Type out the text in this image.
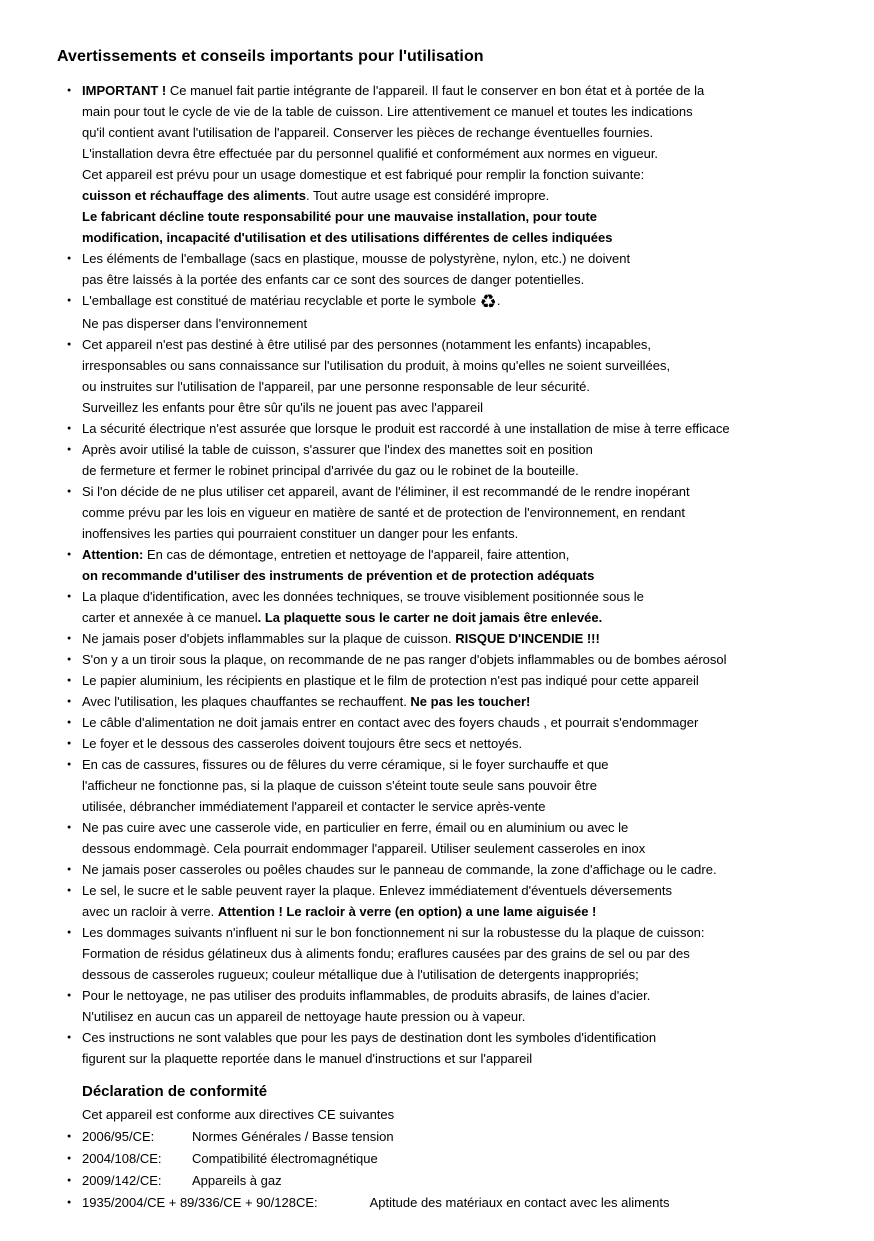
Avertissements et conseils importants pour l'utilisation
● IMPORTANT ! Ce manuel fait partie intégrante de l'appareil. Il faut le conserver en bon état et à portée de la
main pour tout le cycle de vie de la table de cuisson. Lire attentivement ce manuel et toutes les indications
qu'il contient avant l'utilisation de l'appareil. Conserver les pièces de rechange éventuelles fournies.
L'installation devra être effectuée par du personnel qualifié et conformément aux normes en vigueur.
Cet appareil est prévu pour un usage domestique et est fabriqué pour remplir la fonction suivante:
cuisson et réchauffage des aliments. Tout autre usage est considéré impropre.
Le fabricant décline toute responsabilité pour une mauvaise installation, pour toute
modification, incapacité d'utilisation et des utilisations différentes de celles indiquées
● Les éléments de l'emballage (sacs en plastique, mousse de polystyrène, nylon, etc.) ne doivent
pas être laissés à la portée des enfants car ce sont des sources de danger potentielles.
● L'emballage est constitué de matériau recyclable et porte le symbole ♻.
Ne pas disperser dans l'environnement
● Cet appareil n'est pas destiné à être utilisé par des personnes (notamment les enfants) incapables,
irresponsables ou sans connaissance sur l'utilisation du produit, à moins qu'elles ne soient surveillées,
ou instruites sur l'utilisation de l'appareil, par une personne responsable de leur sécurité.
Surveillez les enfants pour être sûr qu'ils ne jouent pas avec l'appareil
● La sécurité électrique n'est assurée que lorsque le produit est raccordé à une installation de mise à terre efficace
● Après avoir utilisé la table de cuisson, s'assurer que l'index des manettes soit en position
de fermeture et fermer le robinet principal d'arrivée du gaz ou le robinet de la bouteille.
● Si l'on décide de ne plus utiliser cet appareil, avant de l'éliminer, il est recommandé de le rendre inopérant
comme prévu par les lois en vigueur en matière de santé et de protection de l'environnement, en rendant
inoffensives les parties qui pourraient constituer un danger pour les enfants.
● Attention: En cas de démontage, entretien et nettoyage de l'appareil, faire attention,
on recommande d'utiliser des instruments de prévention et de protection adéquats
● La plaque d'identification, avec les données techniques, se trouve visiblement positionnée sous le
carter et annexée à ce manuel. La plaquette sous le carter ne doit jamais être enlevée.
● Ne jamais poser d'objets inflammables sur la plaque de cuisson. RISQUE D'INCENDIE !!!
● S'on y a un tiroir sous la plaque, on recommande de ne pas ranger d'objets inflammables ou de bombes aérosol
● Le papier aluminium, les récipients en plastique et le film de protection n'est pas indiqué pour cette appareil
● Avec l'utilisation, les plaques chauffantes se rechauffent. Ne pas les toucher!
● Le câble d'alimentation ne doit jamais entrer en contact avec des foyers chauds , et pourrait s'endommager
● Le foyer et le dessous des casseroles doivent toujours être secs et nettoyés.
● En cas de cassures, fissures ou de fêlures du verre céramique, si le foyer surchauffe et que
l'afficheur ne fonctionne pas, si la plaque de cuisson s'éteint toute seule sans pouvoir être
utilisée, débrancher immédiatement l'appareil et contacter le service après-vente
● Ne pas cuire avec une casserole vide, en particulier en ferre, émail ou en aluminium ou avec le
dessous endommagè. Cela pourrait endommager l'appareil. Utiliser seulement casseroles en inox
● Ne jamais poser casseroles ou poêles chaudes sur le panneau de commande, la zone d'affichage ou le cadre.
● Le sel, le sucre et le sable peuvent rayer la plaque. Enlevez immédiatement d'éventuels déversements
avec un racloir à verre. Attention ! Le racloir à verre (en option) a une lame aiguisée !
● Les dommages suivants n'influent ni sur le bon fonctionnement ni sur la robustesse du la plaque de cuisson:
Formation de résidus gélatineux dus à aliments fondu; eraflures causées par des grains de sel ou par des
dessous de casseroles rugueux; couleur métallique due à l'utilisation de detergents inappropriés;
● Pour le nettoyage, ne pas utiliser des produits inflammables, de produits abrasifs, de laines d'acier.
N'utilisez en aucun cas un appareil de nettoyage haute pression ou à vapeur.
● Ces instructions ne sont valables que pour les pays de destination dont les symboles d'identification
figurent sur la plaquette reportée dans le manuel d'instructions et sur l'appareil
Déclaration de conformité

Cet appareil est conforme aux directives CE suivantes

● 2006/95/CE:	Normes Générales / Basse tension
● 2004/108/CE: Compatibilité électromagnétique
● 2009/142/CE: Appareils à gaz
● 1935/2004/CE + 89/336/CE + 90/128CE:	Aptitude des matériaux en contact avec les aliments
